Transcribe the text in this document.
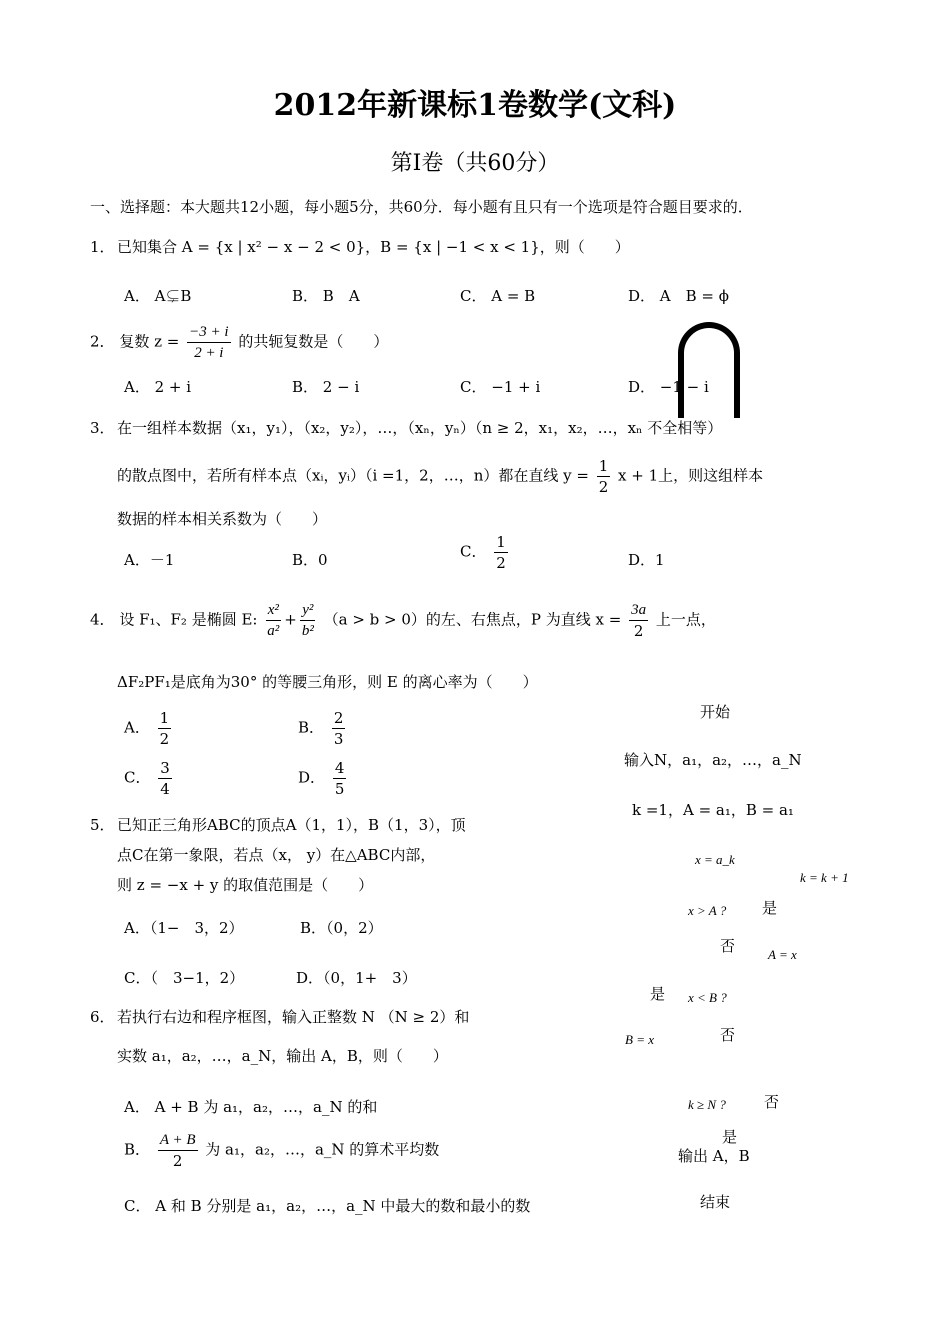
2012年新课标1卷数学(文科)
第Ⅰ卷（共60分）
一、选择题：本大题共12小题，每小题5分，共60分．每小题有且只有一个选项是符合题目要求的．
1． 已知集合 A = {x | x² − x − 2 < 0}，B = {x | −1 < x < 1}，则（　　）
A． A⊊B	B． B　A	C． A = B	D． A　B = ϕ
2． 复数 $z = \frac{-3 + i}{2 + i}$ 的共轭复数是（　　）
A． 2 + i	B． 2 − i	C． −1 + i	D． −1 − i
3． 在一组样本数据（x₁，y₁），（x₂，y₂），…，（xₙ，yₙ）（n ≥ 2，x₁，x₂，…，xₙ 不全相等）
的散点图中，若所有样本点（xᵢ，yᵢ）（i =1，2，…，n）都在直线 $y = \frac{1}{2}$ x + 1上，则这组样本
数据的样本相关系数为（　　）
A．－1	B．0	C． $\frac{1}{2}$	D．1
4． 设 F₁、F₂ 是椭圆 E: $\frac{\text{x²}}{\text{a²}} + \frac{\text{y²}}{\text{b²}} (a > b > 0)$的左、右焦点，P 为直线 $x = \frac{3a}{2}$ 上一点，
ΔF₂PF₁是底角为30° 的等腰三角形，则 E 的离心率为（　　）
A． $\frac{1}{2}$	B． $\frac{2}{3}$
C． $\frac{3}{4}$	D． $\frac{4}{5}$
5． 已知正三角形ABC的顶点A（1，1），B（1，3），顶
点C在第一象限，若点（x， y）在△ABC内部，
则 z = −x + y 的取值范围是（　　）
A．（1−　3，2）	B．（0，2）
C．（　3−1，2）	D．（0，1+　3）
6． 若执行右边和程序框图，输入正整数 N （N ≥ 2）和
实数 a₁，a₂，…，a_N，输出 A，B，则（　　）
A． A + B 为 a₁，a₂，…，a_N 的和
B． $\frac{A + B}{2}$ 为 a₁，a₂，…，a_N 的算术平均数
C． A 和 B 分别是 a₁，a₂，…，a_N 中最大的数和最小的数
开始
输入N，a₁，a₂，…，a_N
k =1，A = a₁，B = a₁
x = a_k
k = k + 1
x > A ? 是
否	A = x
是 x < B ?
否
B = x
k ≥ N ?	否
是
输出 A，B
结束
